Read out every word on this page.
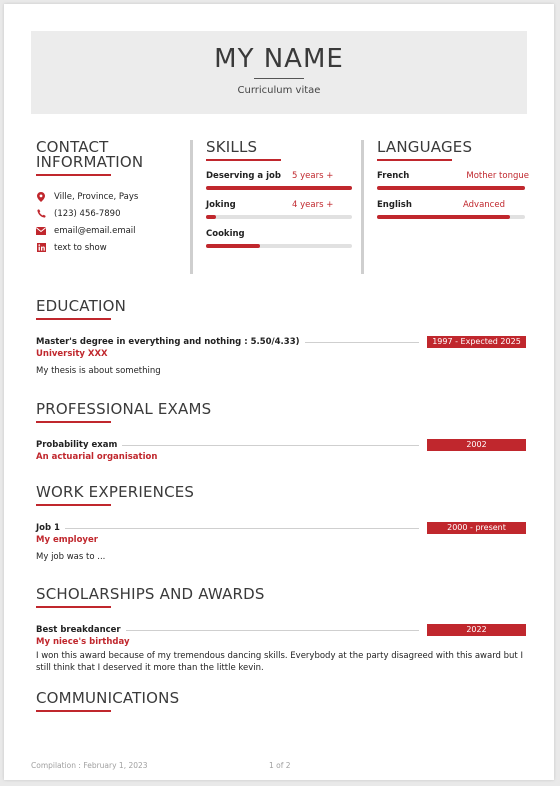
MY NAME
Curriculum vitae
CONTACT
INFORMATION
Ville, Province, Pays
(123) 456-7890
email@email.email
text to show
SKILLS
Deserving a job	5 years +
Joking	4 years +
Cooking
LANGUAGES
French	Mother tongue
English	Advanced
EDUCATION
Master's degree in everything and nothing : 5.50/4.33)	1997 - Expected 2025
University XXX
My thesis is about something
PROFESSIONAL EXAMS
Probability exam	2002
An actuarial organisation
WORK EXPERIENCES
Job 1	2000 - present
My employer
My job was to ...
SCHOLARSHIPS AND AWARDS
Best breakdancer	2022
My niece's birthday
I won this award because of my tremendous dancing skills. Everybody at the party disagreed with this award but I still think that I deserved it more than the little kevin.
COMMUNICATIONS
Compilation : February 1, 2023	1 of 2
